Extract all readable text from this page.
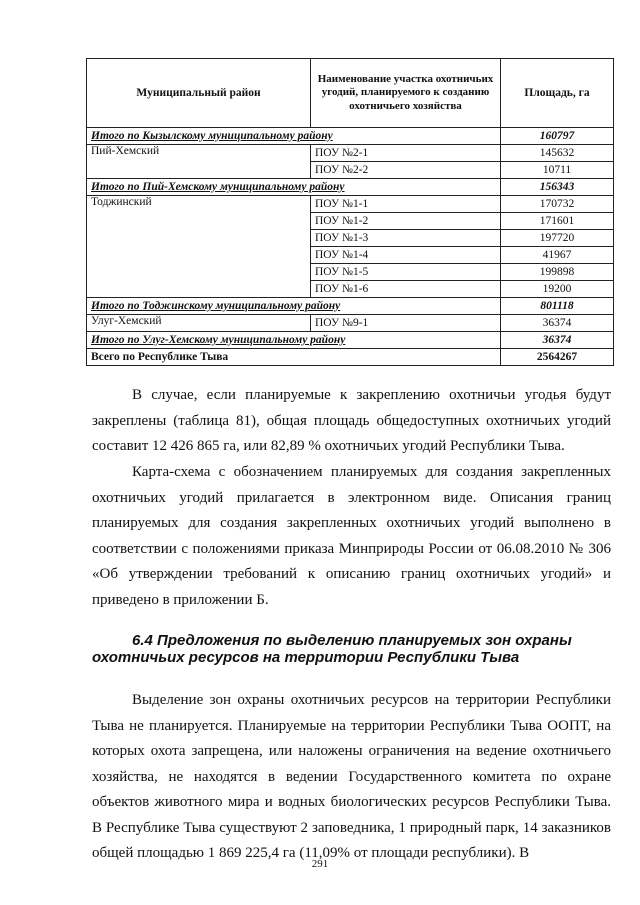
Муниципальный район	Наименование участка охотничьих угодий, планируемого к созданию охотничьего хозяйства	Площадь, га
Итого по Кызылскому муниципальному району		160797
Пий-Хемский	ПОУ №2-1	145632
	ПОУ №2-2	10711
Итого по Пий-Хемскому муниципальному району		156343
Тоджинский	ПОУ №1-1	170732
	ПОУ №1-2	171601
	ПОУ №1-3	197720
	ПОУ №1-4	41967
	ПОУ №1-5	199898
	ПОУ №1-6	19200
Итого по Тоджинскому муниципальному району		801118
Улуг-Хемский	ПОУ №9-1	36374
Итого по Улуг-Хемскому муниципальному району		36374
Всего по Республике Тыва		2564267

В случае, если планируемые к закреплению охотничьи угодья будут закреплены (таблица 81), общая площадь общедоступных охотничьих угодий составит 12 426 865 га, или 82,89 % охотничьих угодий Республики Тыва.

Карта-схема с обозначением планируемых для создания закрепленных охотничьих угодий прилагается в электронном виде. Описания границ планируемых для создания закрепленных охотничьих угодий выполнено в соответствии с положениями приказа Минприроды России от 06.08.2010 № 306 «Об утверждении требований к описанию границ охотничьих угодий» и приведено в приложении Б.

6.4 Предложения по выделению планируемых зон охраны охотничьих ресурсов на территории Республики Тыва

Выделение зон охраны охотничьих ресурсов на территории Республики Тыва не планируется. Планируемые на территории Республики Тыва ООПТ, на которых охота запрещена, или наложены ограничения на ведение охотничьего хозяйства, не находятся в ведении Государственного комитета по охране объектов животного мира и водных биологических ресурсов Республики Тыва. В Республике Тыва существуют 2 заповедника, 1 природный парк, 14 заказников общей площадью 1 869 225,4 га (11,09% от площади республики). В

291
